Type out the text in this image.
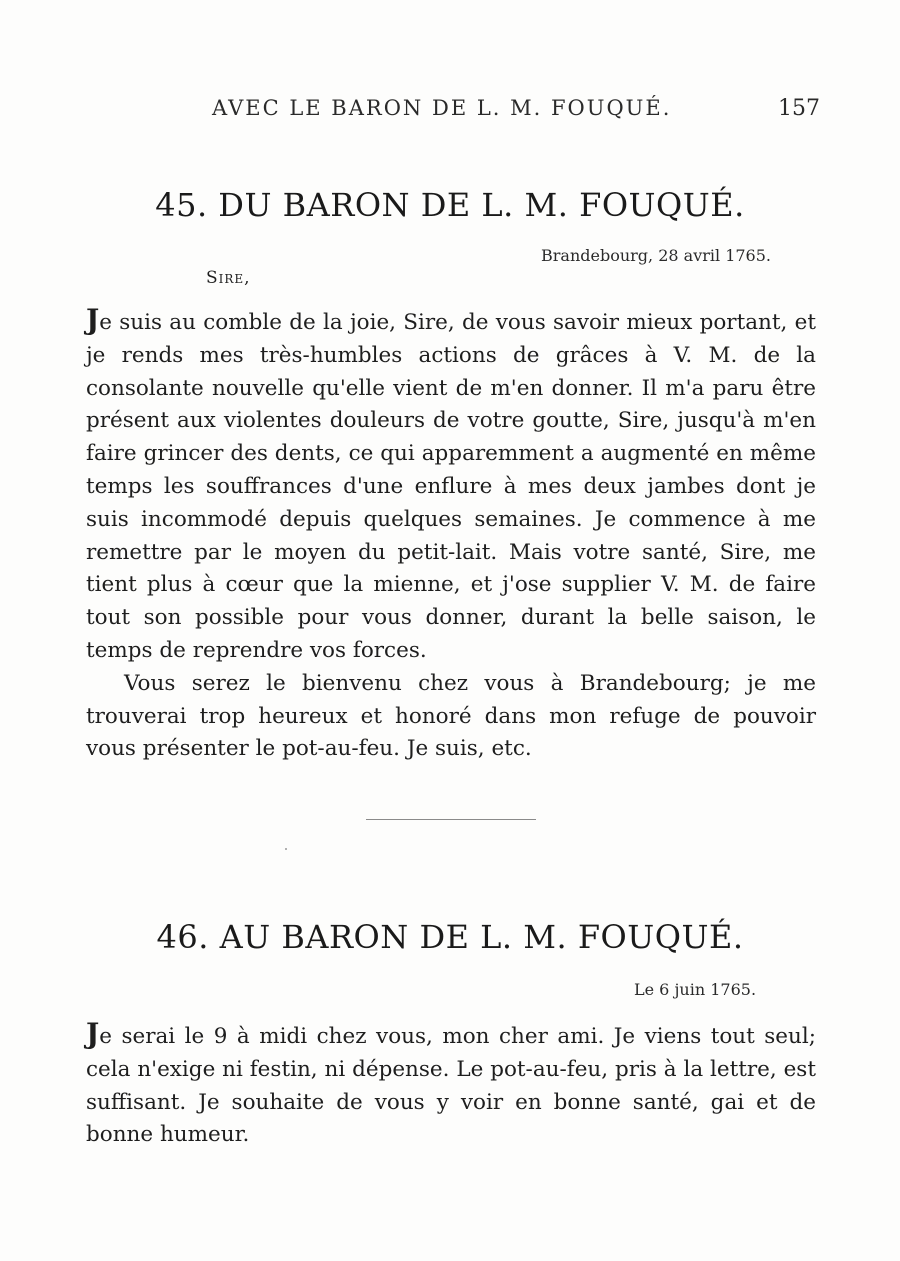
AVEC LE BARON DE L. M. FOUQUÉ.	157
45. DU BARON DE L. M. FOUQUÉ.
Brandebourg, 28 avril 1765.
Sire,

Je suis au comble de la joie, Sire, de vous savoir mieux portant, et je rends mes très-humbles actions de grâces à V. M. de la consolante nouvelle qu'elle vient de m'en donner. Il m'a paru être présent aux violentes douleurs de votre goutte, Sire, jusqu'à m'en faire grincer des dents, ce qui apparemment a augmenté en même temps les souffrances d'une enflure à mes deux jambes dont je suis incommodé depuis quelques semaines. Je commence à me remettre par le moyen du petit-lait. Mais votre santé, Sire, me tient plus à cœur que la mienne, et j'ose supplier V. M. de faire tout son possible pour vous donner, durant la belle saison, le temps de reprendre vos forces.

Vous serez le bienvenu chez vous à Brandebourg; je me trouverai trop heureux et honoré dans mon refuge de pouvoir vous présenter le pot-au-feu. Je suis, etc.

46. AU BARON DE L. M. FOUQUÉ.
Le 6 juin 1765.

Je serai le 9 à midi chez vous, mon cher ami. Je viens tout seul; cela n'exige ni festin, ni dépense. Le pot-au-feu, pris à la lettre, est suffisant. Je souhaite de vous y voir en bonne santé, gai et de bonne humeur.
